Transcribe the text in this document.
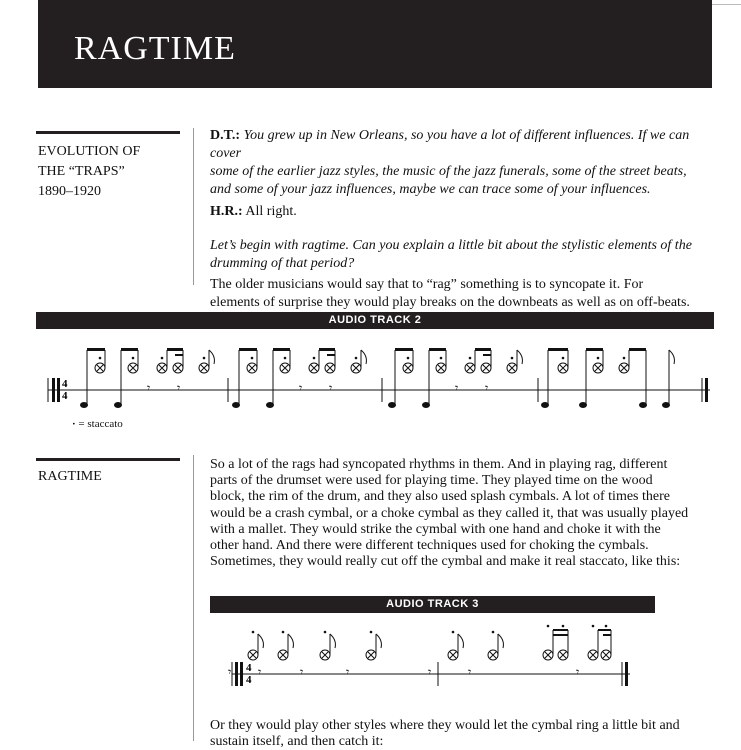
RAGTIME
EVOLUTION OF
THE “TRAPS”
1890–1920

D.T.: You grew up in New Orleans, so you have a lot of different influences. If we can cover

some of the earlier jazz styles, the music of the jazz funerals, some of the street beats,

and some of your jazz influences, maybe we can trace some of your influences.

H.R.: All right.

Let’s begin with ragtime. Can you explain a little bit about the stylistic elements of the

drumming of that period?

The older musicians would say that to “rag” something is to syncopate it. For

elements of surprise they would play breaks on the downbeats as well as on off-beats.

AUDIO TRACK 2
4
4
𝄾 𝄾
· = staccato
RAGTIME
So a lot of the rags had syncopated rhythms in them. And in playing rag, different
parts of the drumset were used for playing time. They played time on the wood
block, the rim of the drum, and they also used splash cymbals. A lot of times there
would be a crash cymbal, or a choke cymbal as they called it, that was usually played
with a mallet. They would strike the cymbal with one hand and choke it with the
other hand. And there were different techniques used for choking the cymbals.
Sometimes, they would really cut off the cymbal and make it real staccato, like this:
AUDIO TRACK 3
4
4
𝄾	𝄾
Or they would play other styles where they would let the cymbal ring a little bit and
sustain itself, and then catch it:
